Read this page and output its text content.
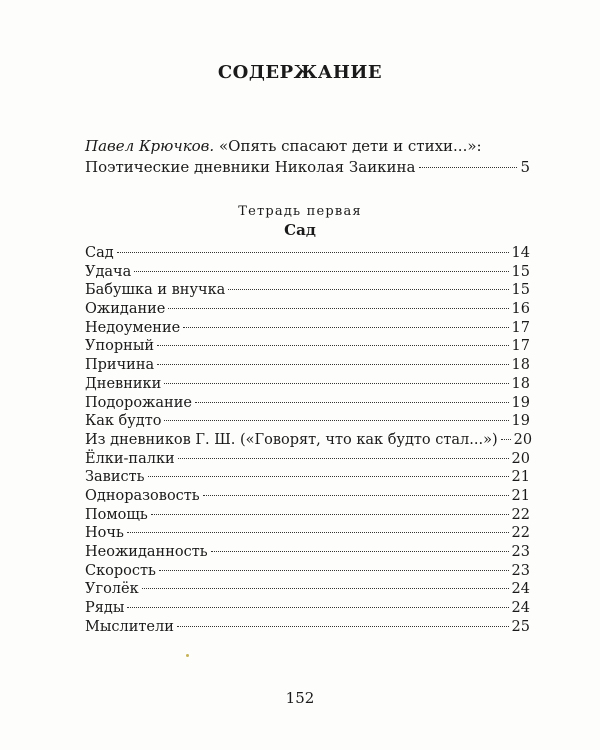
СОДЕРЖАНИЕ
Павел Крючков. «Опять спасают дети и стихи...»:
Поэтические дневники Николая Заикина	5
Тетрадь первая
Сад
Сад	14
Удача	15
Бабушка и внучка	15
Ожидание	16
Недоумение	17
Упорный	17
Причина	18
Дневники	18
Подорожание	19
Как будто	19
Из дневников Г. Ш. («Говорят, что как будто стал...») 20
Ёлки-палки	20
Зависть	21
Одноразовость	21
Помощь	22
Ночь	22
Неожиданность	23
Скорость	23
Уголёк	24
Ряды	24
Мыслители	25
152
